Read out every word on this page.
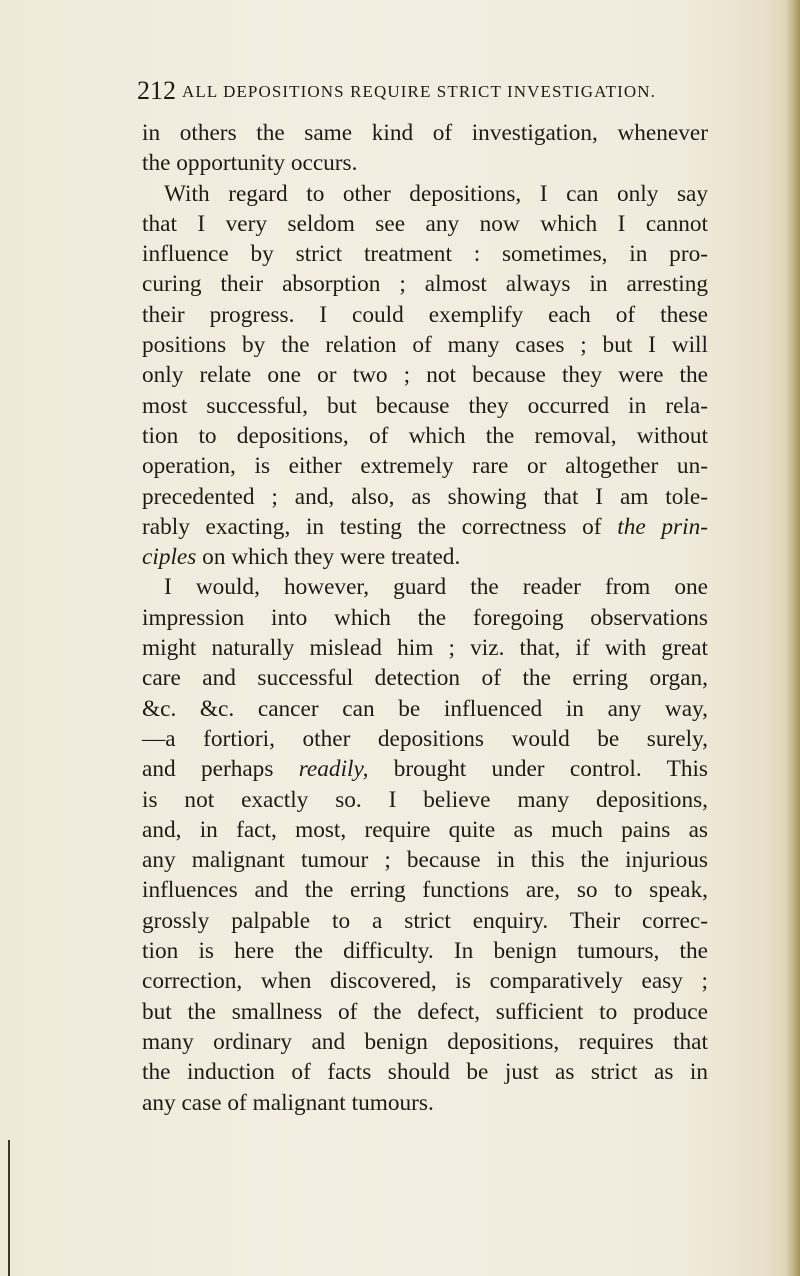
212 ALL DEPOSITIONS REQUIRE STRICT INVESTIGATION.
in others the same kind of investigation, whenever
the opportunity occurs.
With regard to other depositions, I can only say
that I very seldom see any now which I cannot
influence by strict treatment : sometimes, in pro-
curing their absorption ; almost always in arresting
their progress. I could exemplify each of these
positions by the relation of many cases ; but I will
only relate one or two ; not because they were the
most successful, but because they occurred in rela-
tion to depositions, of which the removal, without
operation, is either extremely rare or altogether un-
precedented ; and, also, as showing that I am tole-
rably exacting, in testing the correctness of the prin-
ciples on which they were treated.
I would, however, guard the reader from one
impression into which the foregoing observations
might naturally mislead him ; viz. that, if with great
care and successful detection of the erring organ,
&c. &c. cancer can be influenced in any way,
—a fortiori, other depositions would be surely,
and perhaps readily, brought under control. This
is not exactly so. I believe many depositions,
and, in fact, most, require quite as much pains as
any malignant tumour ; because in this the injurious
influences and the erring functions are, so to speak,
grossly palpable to a strict enquiry. Their correc-
tion is here the difficulty. In benign tumours, the
correction, when discovered, is comparatively easy ;
but the smallness of the defect, sufficient to produce
many ordinary and benign depositions, requires that
the induction of facts should be just as strict as in
any case of malignant tumours.
